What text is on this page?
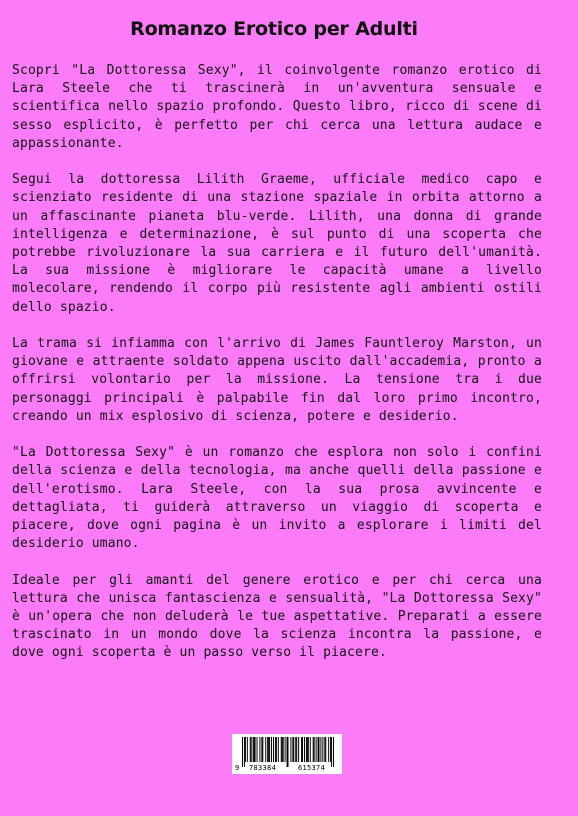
Romanzo Erotico per Adulti

Scopri "La Dottoressa Sexy", il coinvolgente romanzo erotico di Lara Steele che ti trascinerà in un'avventura sensuale e scientifica nello spazio profondo. Questo libro, ricco di scene di sesso esplicito, è perfetto per chi cerca una lettura audace e appassionante.

Segui la dottoressa Lilith Graeme, ufficiale medico capo e scienziato residente di una stazione spaziale in orbita attorno a un affascinante pianeta blu-verde. Lilith, una donna di grande intelligenza e determinazione, è sul punto di una scoperta che potrebbe rivoluzionare la sua carriera e il futuro dell'umanità. La sua missione è migliorare le capacità umane a livello molecolare, rendendo il corpo più resistente agli ambienti ostili dello spazio.

La trama si infiamma con l'arrivo di James Fauntleroy Marston, un giovane e attraente soldato appena uscito dall'accademia, pronto a offrirsi volontario per la missione. La tensione tra i due personaggi principali è palpabile fin dal loro primo incontro, creando un mix esplosivo di scienza, potere e desiderio.

"La Dottoressa Sexy" è un romanzo che esplora non solo i confini della scienza e della tecnologia, ma anche quelli della passione e dell'erotismo. Lara Steele, con la sua prosa avvincente e dettagliata, ti guiderà attraverso un viaggio di scoperta e piacere, dove ogni pagina è un invito a esplorare i limiti del desiderio umano.

Ideale per gli amanti del genere erotico e per chi cerca una lettura che unisca fantascienza e sensualità, "La Dottoressa Sexy" è un'opera che non deluderà le tue aspettative. Preparati a essere trascinato in un mondo dove la scienza incontra la passione, e dove ogni scoperta è un passo verso il piacere.

9 783384	615374
